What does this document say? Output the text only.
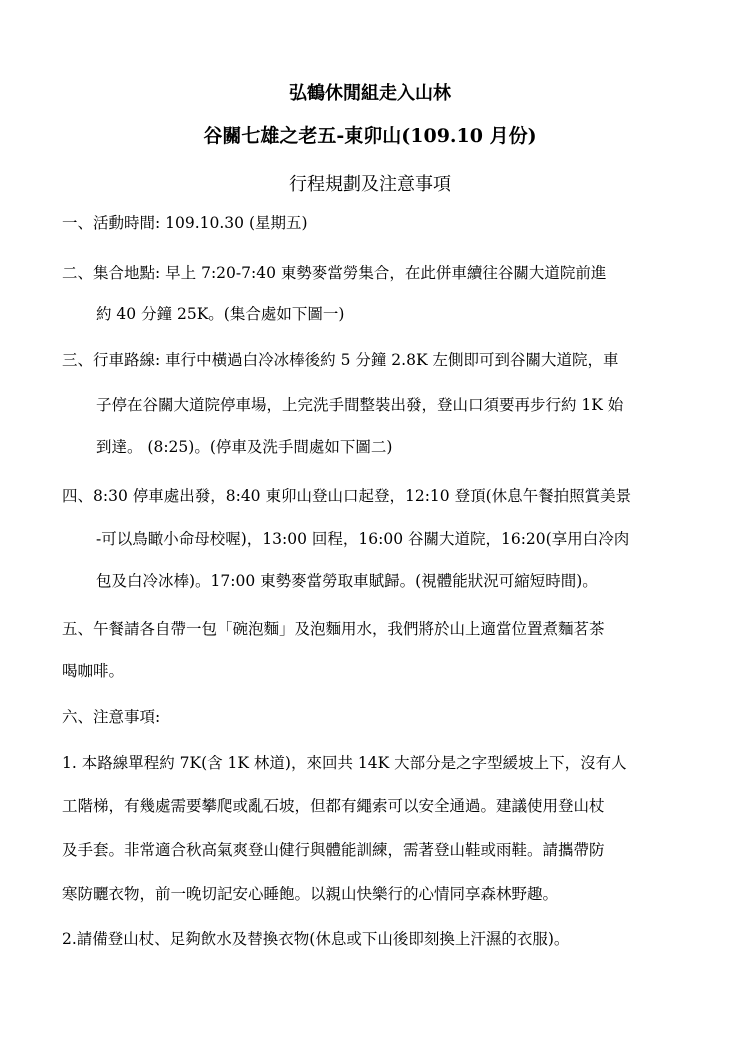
弘鶴休閒組走入山林
谷關七雄之老五-東卯山(109.10 月份)
行程規劃及注意事項
一、活動時間: 109.10.30 (星期五)
二、集合地點: 早上 7:20-7:40 東勢麥當勞集合，在此併車續往谷關大道院前進
約 40 分鐘 25K。(集合處如下圖一)
三、行車路線: 車行中橫過白冷冰棒後約 5 分鐘 2.8K 左側即可到谷關大道院，車
子停在谷關大道院停車場，上完洗手間整裝出發，登山口須要再步行約 1K 始
到達。 (8:25)。(停車及洗手間處如下圖二)
四、8:30 停車處出發，8:40 東卯山登山口起登，12:10 登頂(休息午餐拍照賞美景
-可以鳥瞰小命母校喔)，13:00 回程，16:00 谷關大道院，16:20(享用白冷肉
包及白冷冰棒)。17:00 東勢麥當勞取車賦歸。(視體能狀況可縮短時間)。
五、午餐請各自帶一包「碗泡麵」及泡麵用水，我們將於山上適當位置煮麵茗茶
喝咖啡。
六、注意事項:
1. 本路線單程約 7K(含 1K 林道)，來回共 14K 大部分是之字型緩坡上下，沒有人
工階梯，有幾處需要攀爬或亂石坡，但都有繩索可以安全通過。建議使用登山杖
及手套。非常適合秋高氣爽登山健行與體能訓練，需著登山鞋或雨鞋。請攜帶防
寒防曬衣物，前一晚切記安心睡飽。以親山快樂行的心情同享森林野趣。
2.請備登山杖、足夠飲水及替換衣物(休息或下山後即刻換上汗濕的衣服)。
